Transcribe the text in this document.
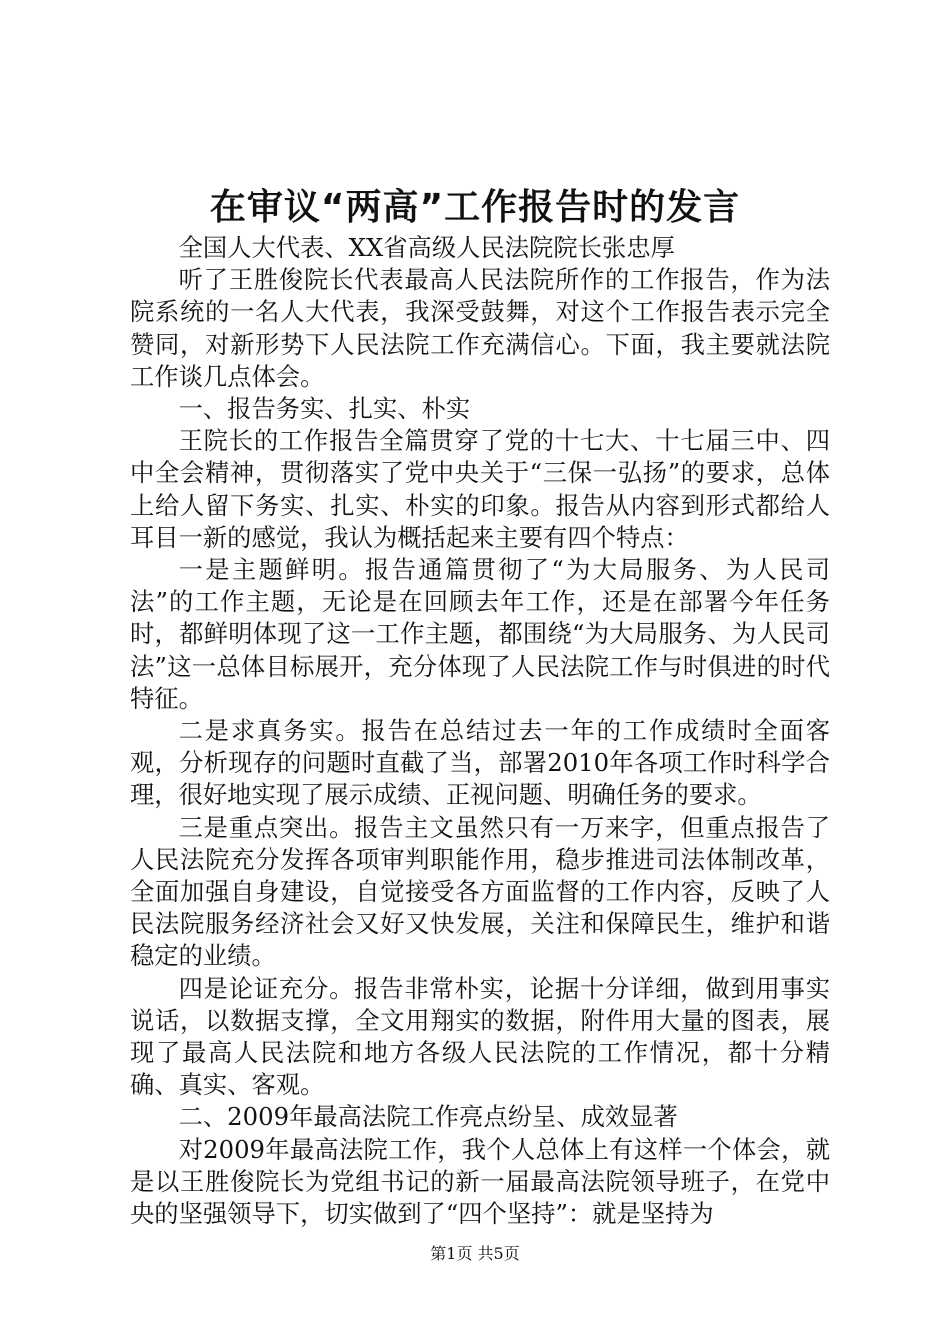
在审议“两高”工作报告时的发言

全国人大代表、XX省高级人民法院院长张忠厚

听了王胜俊院长代表最高人民法院所作的工作报告，作为法院系统的一名人大代表，我深受鼓舞，对这个工作报告表示完全赞同，对新形势下人民法院工作充满信心。下面，我主要就法院工作谈几点体会。

一、报告务实、扎实、朴实

王院长的工作报告全篇贯穿了党的十七大、十七届三中、四中全会精神，贯彻落实了党中央关于“三保一弘扬”的要求，总体上给人留下务实、扎实、朴实的印象。报告从内容到形式都给人耳目一新的感觉，我认为概括起来主要有四个特点：

一是主题鲜明。报告通篇贯彻了“为大局服务、为人民司法”的工作主题，无论是在回顾去年工作，还是在部署今年任务时，都鲜明体现了这一工作主题，都围绕“为大局服务、为人民司法”这一总体目标展开，充分体现了人民法院工作与时俱进的时代特征。

二是求真务实。报告在总结过去一年的工作成绩时全面客观，分析现存的问题时直截了当，部署2010年各项工作时科学合理，很好地实现了展示成绩、正视问题、明确任务的要求。

三是重点突出。报告主文虽然只有一万来字，但重点报告了人民法院充分发挥各项审判职能作用，稳步推进司法体制改革，全面加强自身建设，自觉接受各方面监督的工作内容，反映了人民法院服务经济社会又好又快发展，关注和保障民生，维护和谐稳定的业绩。

四是论证充分。报告非常朴实，论据十分详细，做到用事实说话，以数据支撑，全文用翔实的数据，附件用大量的图表，展现了最高人民法院和地方各级人民法院的工作情况，都十分精确、真实、客观。

二、2009年最高法院工作亮点纷呈、成效显著

对2009年最高法院工作，我个人总体上有这样一个体会，就是以王胜俊院长为党组书记的新一届最高法院领导班子，在党中央的坚强领导下，切实做到了“四个坚持”：就是坚持为

第1页 共5页
